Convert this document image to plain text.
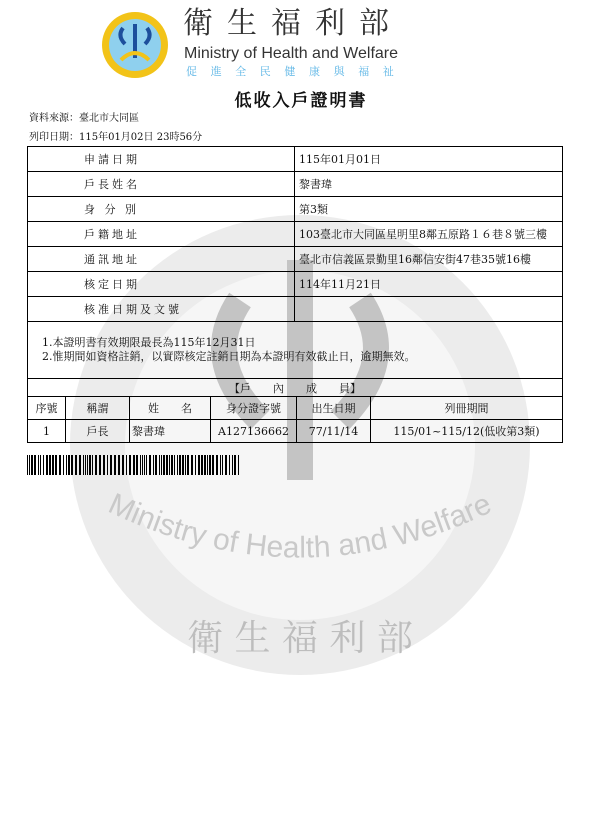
Ministry of Health and Welfare
衛 生 福 利 部
衛生福利部
Ministry of Health and Welfare
促進全民健康與福祉
低收入戶證明書
資料來源：臺北市大同區
列印日期：115年01月02日 23時56分
申請日期	115年01月01日
戶長姓名	黎書瑋
身 分 別	第3類
戶籍地址	103臺北市大同區星明里8鄰五原路１６巷８號三樓
通訊地址	臺北市信義區景勤里16鄰信安街47巷35號16樓
核定日期	114年11月21日
核准日期及文號	

1.本證明書有效期限最長為115年12月31日
2.惟期間如資格註銷，以實際核定註銷日期為本證明有效截止日，逾期無效。	
【戶　　內　　成　　員】					
序號	稱謂	姓　　名	身分證字號	出生日期	列冊期間
1	戶長	黎書瑋	A127136662	77/11/14	115/01~115/12(低收第3類)
